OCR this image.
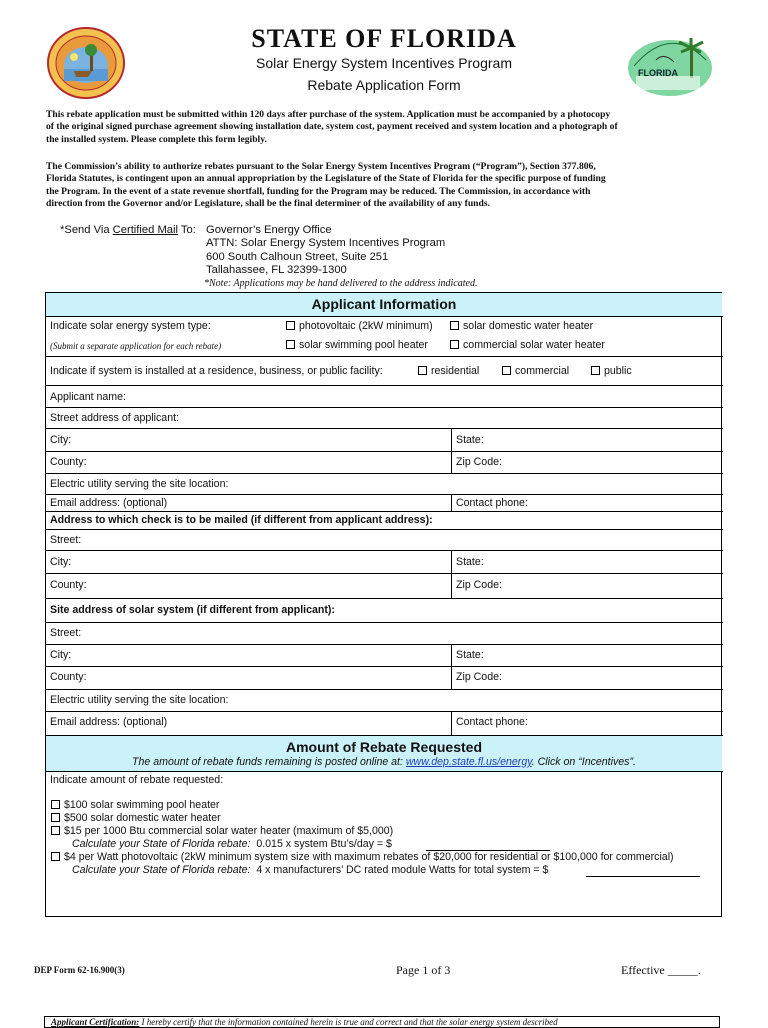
FLORIDA
STATE OF FLORIDA
Solar Energy System Incentives Program
Rebate Application Form
This rebate application must be submitted within 120 days after purchase of the system. Application must be accompanied by a photocopy
of the original signed purchase agreement showing installation date, system cost, payment received and system location and a photograph of
the installed system. Please complete this form legibly.
The Commission’s ability to authorize rebates pursuant to the Solar Energy System Incentives Program (“Program”), Section 377.806,
Florida Statutes, is contingent upon an annual appropriation by the Legislature of the State of Florida for the specific purpose of funding
the Program. In the event of a state revenue shortfall, funding for the Program may be reduced. The Commission, in accordance with
direction from the Governor and/or Legislature, shall be the final determiner of the availability of any funds.
*Send Via Certified Mail To: Governor’s Energy Office
ATTN: Solar Energy System Incentives Program
600 South Calhoun Street, Suite 251
Tallahassee, FL 32399-1300
*Note: Applications may be hand delivered to the address indicated.
Applicant Information
Indicate solar energy system type:
(Submit a separate application for each rebate)
photovoltaic (2kW minimum)	solar domestic water heater
solar swimming pool heater	commercial solar water heater
Indicate if system is installed at a residence, business, or public facility:	residential	commercial	public
Applicant name:
Street address of applicant:
City:	State:
County:	Zip Code:
Electric utility serving the site location:
Email address: (optional)	Contact phone:
Address to which check is to be mailed (if different from applicant address):
Street:
City:	State:
County:	Zip Code:
Site address of solar system (if different from applicant):
Street:
City:	State:
County:	Zip Code:
Electric utility serving the site location:
Email address: (optional)	Contact phone:
Amount of Rebate Requested
The amount of rebate funds remaining is posted online at: www.dep.state.fl.us/energy. Click on “Incentives”.
Indicate amount of rebate requested:
$100 solar swimming pool heater
$500 solar domestic water heater
$15 per 1000 Btu commercial solar water heater (maximum of $5,000)
Calculate your State of Florida rebate: 0.015 x system Btu’s/day = $
$4 per Watt photovoltaic (2kW minimum system size with maximum rebates of $20,000 for residential or $100,000 for commercial)
Calculate your State of Florida rebate: 4 x manufacturers’ DC rated module Watts for total system = $
DEP Form 62-16.900(3)	Page 1 of 3	Effective _____.
Applicant Certification: I hereby certify that the information contained herein is true and correct and that the solar energy system described
